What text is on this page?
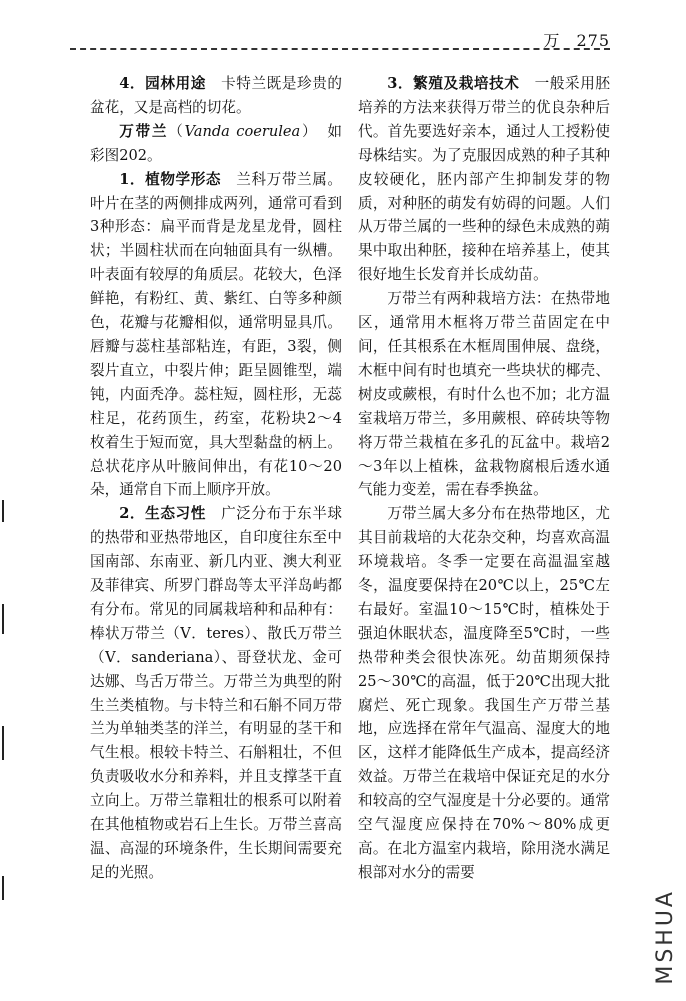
万 275

4．园林用途　卡特兰既是珍贵的盆花，又是高档的切花。

万带兰（Vanda coerulea）　如彩图202。

1．植物学形态　兰科万带兰属。叶片在茎的两侧排成两列，通常可看到3种形态：扁平而背是龙星龙骨，圆柱状；半圆柱状而在向轴面具有一纵槽。叶表面有较厚的角质层。花较大，色泽鲜艳，有粉红、黄、紫红、白等多种颜色，花瓣与花瓣相似，通常明显具爪。唇瓣与蕊柱基部粘连，有距，3裂，侧裂片直立，中裂片伸；距呈圆锥型，端钝，内面秃净。蕊柱短，圆柱形，无蕊柱足，花药顶生，药室，花粉块2～4枚着生于短而宽，具大型黏盘的柄上。总状花序从叶腋间伸出，有花10～20朵，通常自下而上顺序开放。

2．生态习性　广泛分布于东半球的热带和亚热带地区，自印度往东至中国南部、东南亚、新几内亚、澳大利亚及菲律宾、所罗门群岛等太平洋岛屿都有分布。常见的同属栽培种和品种有：棒状万带兰（V．teres）、散氏万带兰（V．sanderiana）、哥登状龙、金可达娜、鸟舌万带兰。万带兰为典型的附生兰类植物。与卡特兰和石斛不同万带兰为单轴类茎的洋兰，有明显的茎干和气生根。根较卡特兰、石斛粗壮，不但负责吸收水分和养料，并且支撑茎干直立向上。万带兰靠粗壮的根系可以附着在其他植物或岩石上生长。万带兰喜高温、高湿的环境条件，生长期间需要充足的光照。

3．繁殖及栽培技术　一般采用胚培养的方法来获得万带兰的优良杂种后代。首先要选好亲本，通过人工授粉使母株结实。为了克服因成熟的种子其种皮较硬化，胚内部产生抑制发芽的物质，对种胚的萌发有妨碍的问题。人们从万带兰属的一些种的绿色未成熟的蒴果中取出种胚，接种在培养基上，使其很好地生长发育并长成幼苗。

万带兰有两种栽培方法：在热带地区，通常用木框将万带兰苗固定在中间，任其根系在木框周围伸展、盘绕，木框中间有时也填充一些块状的椰壳、树皮或蕨根，有时什么也不加；北方温室栽培万带兰，多用蕨根、碎砖块等物将万带兰栽植在多孔的瓦盆中。栽培2～3年以上植株，盆栽物腐根后透水通气能力变差，需在春季换盆。

万带兰属大多分布在热带地区，尤其目前栽培的大花杂交种，均喜欢高温环境栽培。冬季一定要在高温温室越冬，温度要保持在20℃以上，25℃左右最好。室温10～15℃时，植株处于强迫休眠状态，温度降至5℃时，一些热带种类会很快冻死。幼苗期须保持25～30℃的高温，低于20℃出现大批腐烂、死亡现象。我国生产万带兰基地，应选择在常年气温高、湿度大的地区，这样才能降低生产成本，提高经济效益。万带兰在栽培中保证充足的水分和较高的空气湿度是十分必要的。通常空气湿度应保持在70%～80%成更高。在北方温室内栽培，除用浇水满足根部对水分的需要

MSHUA
